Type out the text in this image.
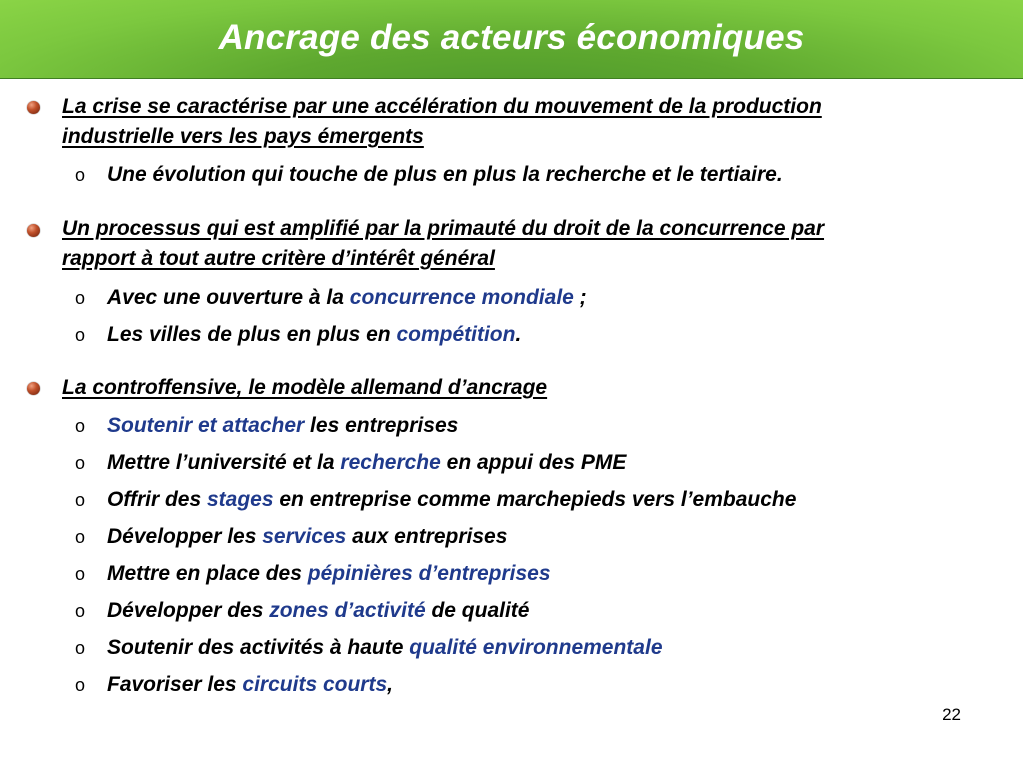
Ancrage des acteurs économiques
La crise se caractérise par une accélération du mouvement de la production
industrielle vers les pays émergents
o Une évolution qui touche de plus en plus la recherche et le tertiaire.
Un processus qui est amplifié par la primauté du droit de la concurrence par
rapport à tout autre critère d’intérêt général
o Avec une ouverture à la concurrence mondiale ;
o Les villes de plus en plus en compétition.
La controffensive, le modèle allemand d’ancrage
o Soutenir et attacher les entreprises
o Mettre l’université et la recherche en appui des PME
o Offrir des stages en entreprise comme marchepieds vers l’embauche
o Développer les services aux entreprises
o Mettre en place des pépinières d’entreprises
o Développer des zones d’activité de qualité
o Soutenir des activités à haute qualité environnementale
o Favoriser les circuits courts,
22
